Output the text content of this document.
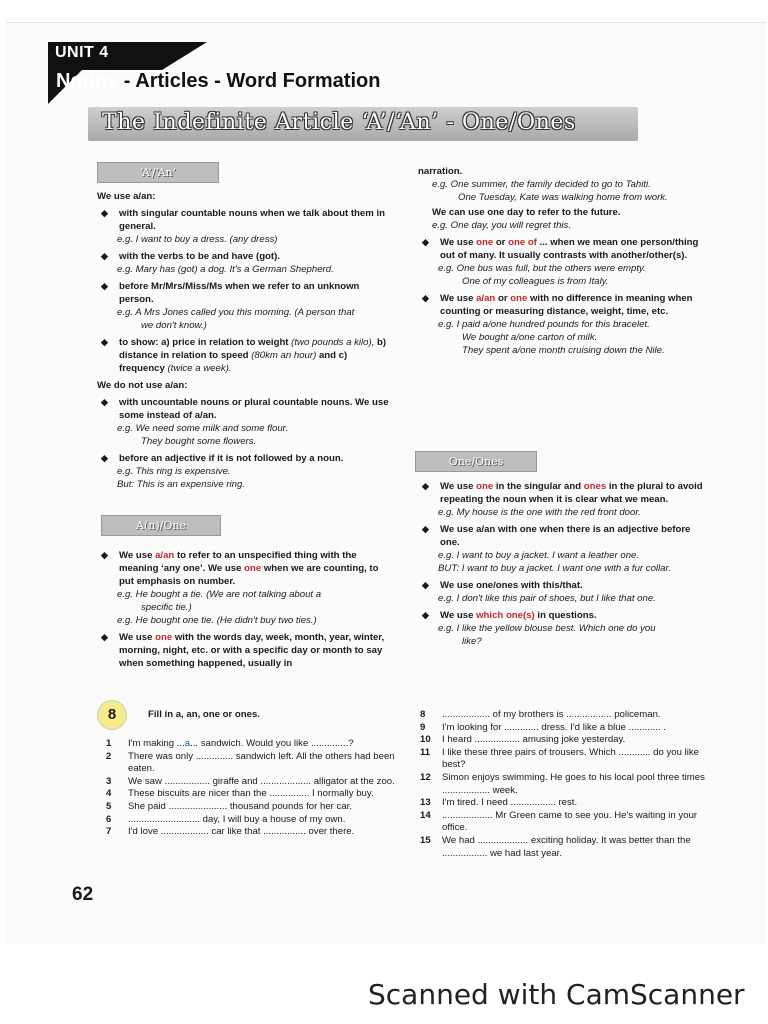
UNIT 4
Nouns - Articles - Word Formation
The Indefinite Article ‘A’/‘An’ - One/Ones
‘A’/‘An’
A(n)/One
One/Ones

We use a/an:

◆ with singular countable nouns when we talk about them in general.

e.g. I want to buy a dress. (any dress)

◆ with the verbs to be and have (got).

e.g. Mary has (got) a dog. It's a German Shepherd.

◆ before Mr/Mrs/Miss/Ms when we refer to an unknown person.

e.g. A Mrs Jones called you this morning. (A person that

we don't know.)

◆ to show: a) price in relation to weight (two pounds a kilo), b) distance in relation to speed (80km an hour) and c) frequency (twice a week).

We do not use a/an:

◆ with uncountable nouns or plural countable nouns. We use some instead of a/an.

e.g. We need some milk and some flour.

They bought some flowers.

◆ before an adjective if it is not followed by a noun.

e.g. This ring is expensive.

But: This is an expensive ring.

◆ We use a/an to refer to an unspecified thing with the meaning ‘any one’. We use one when we are counting, to put emphasis on number.

e.g. He bought a tie. (We are not talking about a

specific tie.)

e.g. He bought one tie. (He didn't buy two ties.)

◆ We use one with the words day, week, month, year, winter, morning, night, etc. or with a specific day or month to say when something happened, usually in

narration.

e.g. One summer, the family decided to go to Tahiti.

One Tuesday, Kate was walking home from work.

We can use one day to refer to the future.

e.g. One day, you will regret this.

◆ We use one or one of ... when we mean one person/thing out of many. It usually contrasts with another/other(s).

e.g. One bus was full, but the others were empty.

One of my colleagues is from Italy.

◆ We use a/an or one with no difference in meaning when counting or measuring distance, weight, time, etc.

e.g. I paid a/one hundred pounds for this bracelet.

We bought a/one carton of milk.

They spent a/one month cruising down the Nile.

◆ We use one in the singular and ones in the plural to avoid repeating the noun when it is clear what we mean.

e.g. My house is the one with the red front door.

◆ We use a/an with one when there is an adjective before one.

e.g. I want to buy a jacket. I want a leather one.

BUT: I want to buy a jacket. I want one with a fur collar.

◆ We use one/ones with this/that.

e.g. I don't like this pair of shoes, but I like that one.

◆ We use which one(s) in questions.

e.g. I like the yellow blouse best. Which one do you

like?

8	Fill in a, an, one or ones.
1	I'm making ...a... sandwich. Would you like ..............?
2	There was only .............. sandwich left. All the others had been eaten.
3	We saw ................. giraffe and ................... alligator at the zoo.
4	These biscuits are nicer than the ............... I normally buy.
5	She paid ...................... thousand pounds for her car.
6	........................... day, I will buy a house of my own.
7	I'd love .................. car like that ................ over there.
8	.................. of my brothers is ................. policeman.
9	I'm looking for ............. dress. I'd like a blue ............ .
10	I heard ................. amusing joke yesterday.
11	I like these three pairs of trousers. Which ............ do you like best?
12	Simon enjoys swimming. He goes to his local pool three times .................. week.
13	I'm tired. I need ................. rest.
14	................... Mr Green came to see you. He's waiting in your office.
15	We had ................... exciting holiday. It was better than the ................. we had last year.
62
Scanned with CamScanner
